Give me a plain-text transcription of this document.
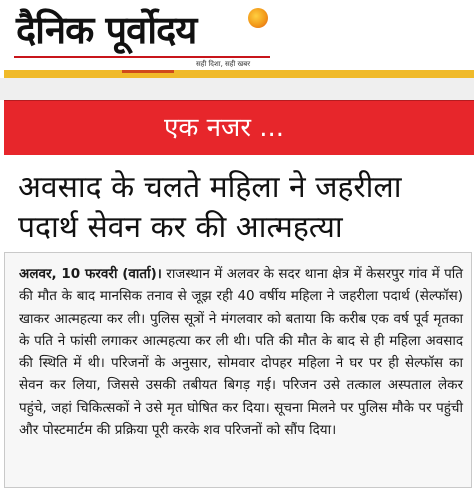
दैनिक पूर्वोदय
सही दिशा, सही खबर
एक नजर ...
अवसाद के चलते महिला ने जहरीला पदार्थ सेवन कर की आत्महत्या

अलवर, 10 फरवरी (वार्ता)। राजस्थान में अलवर के सदर थाना क्षेत्र में केसरपुर गांव में पति की मौत के बाद मानसिक तनाव से जूझ रही 40 वर्षीय महिला ने जहरीला पदार्थ (सेल्फॉस) खाकर आत्महत्या कर ली। पुलिस सूत्रों ने मंगलवार को बताया कि करीब एक वर्ष पूर्व मृतका के पति ने फांसी लगाकर आत्महत्या कर ली थी। पति की मौत के बाद से ही महिला अवसाद की स्थिति में थी। परिजनों के अनुसार, सोमवार दोपहर महिला ने घर पर ही सेल्फॉस का सेवन कर लिया, जिससे उसकी तबीयत बिगड़ गई। परिजन उसे तत्काल अस्पताल लेकर पहुंचे, जहां चिकित्सकों ने उसे मृत घोषित कर दिया। सूचना मिलने पर पुलिस मौके पर पहुंची और पोस्टमार्टम की प्रक्रिया पूरी करके शव परिजनों को सौंप दिया।
